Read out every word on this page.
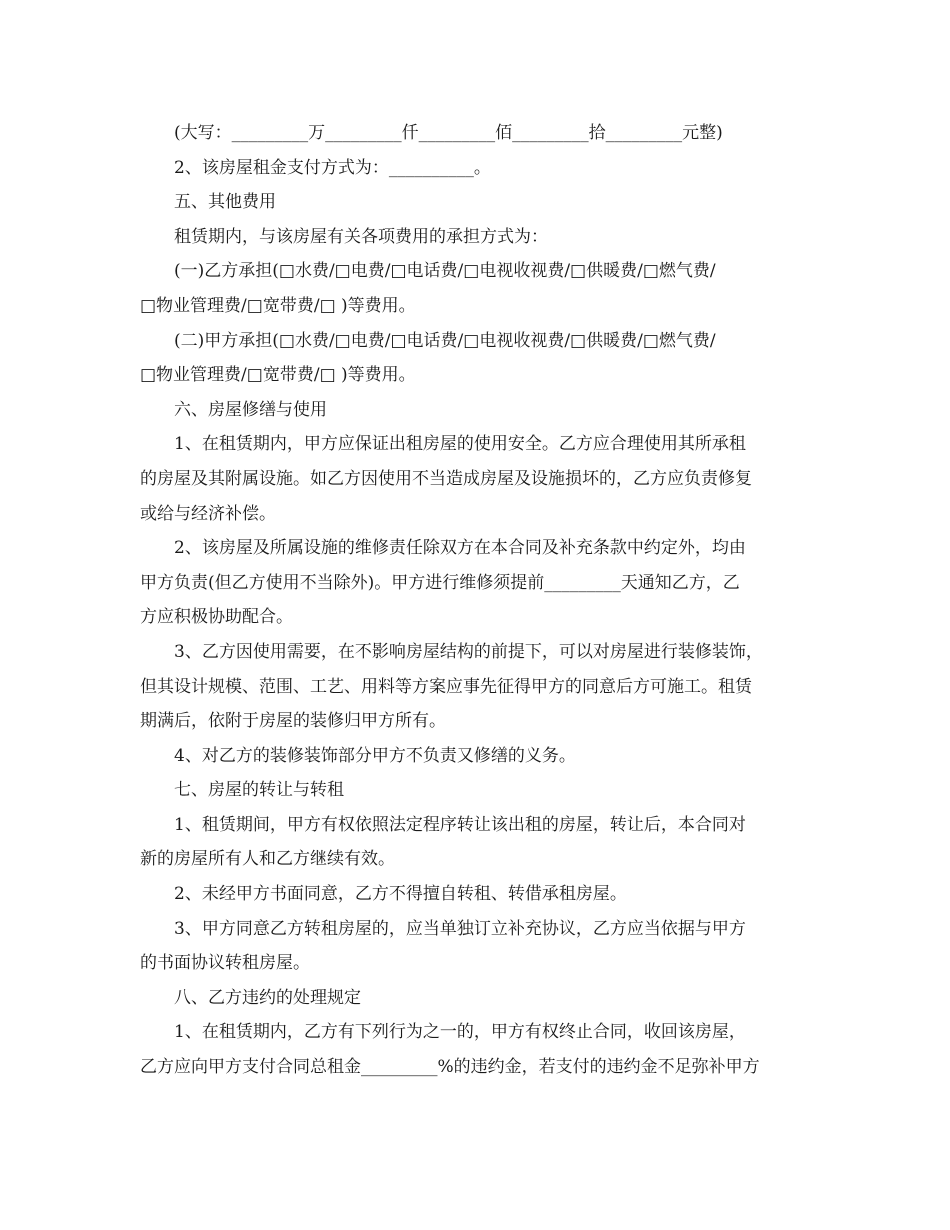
(大写：_________万_________仟_________佰_________拾_________元整)
2、该房屋租金支付方式为：__________。
五、其他费用
租赁期内，与该房屋有关各项费用的承担方式为：
(一)乙方承担(□水费/□电费/□电话费/□电视收视费/□供暖费/□燃气费/
□物业管理费/□宽带费/□ )等费用。
(二)甲方承担(□水费/□电费/□电话费/□电视收视费/□供暖费/□燃气费/
□物业管理费/□宽带费/□ )等费用。
六、房屋修缮与使用
1、在租赁期内，甲方应保证出租房屋的使用安全。乙方应合理使用其所承租
的房屋及其附属设施。如乙方因使用不当造成房屋及设施损坏的，乙方应负责修复
或给与经济补偿。
2、该房屋及所属设施的维修责任除双方在本合同及补充条款中约定外，均由
甲方负责(但乙方使用不当除外)。甲方进行维修须提前_________天通知乙方，乙
方应积极协助配合。
3、乙方因使用需要，在不影响房屋结构的前提下，可以对房屋进行装修装饰，
但其设计规模、范围、工艺、用料等方案应事先征得甲方的同意后方可施工。租赁
期满后，依附于房屋的装修归甲方所有。
4、对乙方的装修装饰部分甲方不负责又修缮的义务。
七、房屋的转让与转租
1、租赁期间，甲方有权依照法定程序转让该出租的房屋，转让后，本合同对
新的房屋所有人和乙方继续有效。
2、未经甲方书面同意，乙方不得擅自转租、转借承租房屋。
3、甲方同意乙方转租房屋的，应当单独订立补充协议，乙方应当依据与甲方
的书面协议转租房屋。
八、乙方违约的处理规定
1、在租赁期内，乙方有下列行为之一的，甲方有权终止合同，收回该房屋，
乙方应向甲方支付合同总租金_________%的违约金，若支付的违约金不足弥补甲方
